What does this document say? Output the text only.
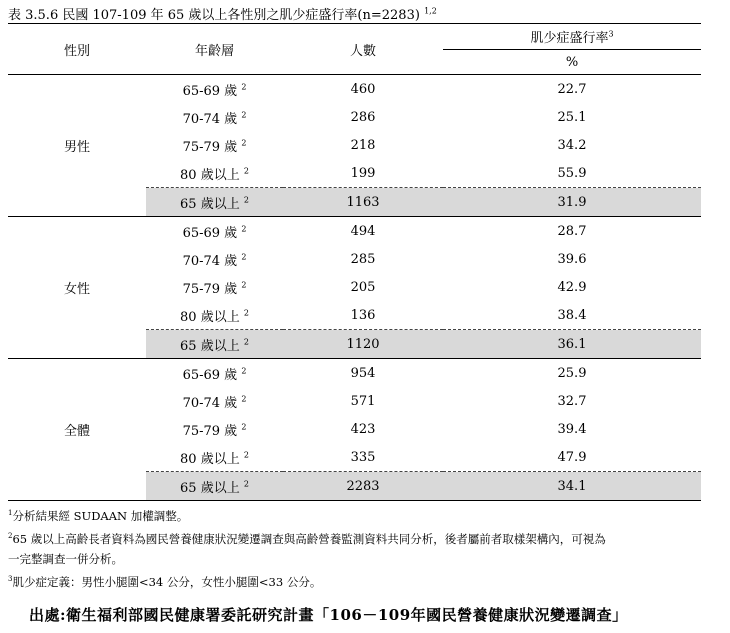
表 3.5.6 民國 107-109 年 65 歲以上各性別之肌少症盛行率(n=2283) $^{1,2}$
性別	年齡層	人數	肌少症盛行率$^3$
			%
男性	65-69 歲 $^2$	460	22.7
	70-74 歲 $^2$	286	25.1
	75-79 歲 $^2$	218	34.2
	80 歲以上 $^2$	199	55.9
	65 歲以上 $^2$	1163	31.9
女性	65-69 歲 $^2$	494	28.7
	70-74 歲 $^2$	285	39.6
	75-79 歲 $^2$	205	42.9
	80 歲以上 $^2$	136	38.4
	65 歲以上 $^2$	1120	36.1
全體	65-69 歲 $^2$	954	25.9
	70-74 歲 $^2$	571	32.7
	75-79 歲 $^2$	423	39.4
	80 歲以上 $^2$	335	47.9
	65 歲以上 $^2$	2283	34.1
$^1$分析結果經 SUDAAN 加權調整。
$^2$65 歲以上高齡長者資料為國民營養健康狀況變遷調查與高齡營養監測資料共同分析，後者屬前者取樣架構內，可視為
一完整調查一併分析。
$^3$肌少症定義：男性小腿圍<34 公分，女性小腿圍<33 公分。
出處:衛生福利部國民健康署委託研究計畫「106－109年國民營養健康狀況變遷調查」
